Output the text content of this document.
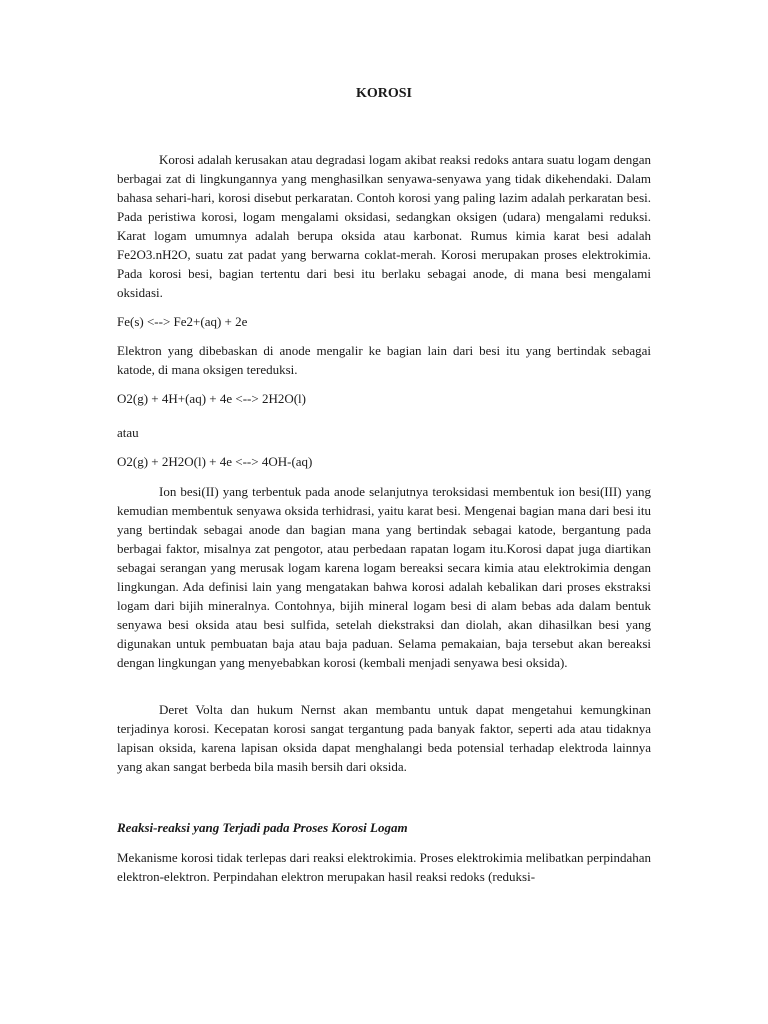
KOROSI

Korosi adalah kerusakan atau degradasi logam akibat reaksi redoks antara suatu logam dengan berbagai zat di lingkungannya yang menghasilkan senyawa-senyawa yang tidak dikehendaki. Dalam bahasa sehari-hari, korosi disebut perkaratan. Contoh korosi yang paling lazim adalah perkaratan besi. Pada peristiwa korosi, logam mengalami oksidasi, sedangkan oksigen (udara) mengalami reduksi. Karat logam umumnya adalah berupa oksida atau karbonat. Rumus kimia karat besi adalah Fe2O3.nH2O, suatu zat padat yang berwarna coklat-merah. Korosi merupakan proses elektrokimia. Pada korosi besi, bagian tertentu dari besi itu berlaku sebagai anode, di mana besi mengalami oksidasi.

Fe(s) <--> Fe2+(aq) + 2e

Elektron yang dibebaskan di anode mengalir ke bagian lain dari besi itu yang bertindak sebagai katode, di mana oksigen tereduksi.

O2(g) + 4H+(aq) + 4e <--> 2H2O(l)

atau

O2(g) + 2H2O(l) + 4e <--> 4OH-(aq)

Ion besi(II) yang terbentuk pada anode selanjutnya teroksidasi membentuk ion besi(III) yang kemudian membentuk senyawa oksida terhidrasi, yaitu karat besi. Mengenai bagian mana dari besi itu yang bertindak sebagai anode dan bagian mana yang bertindak sebagai katode, bergantung pada berbagai faktor, misalnya zat pengotor, atau perbedaan rapatan logam itu.Korosi dapat juga diartikan sebagai serangan yang merusak logam karena logam bereaksi secara kimia atau elektrokimia dengan lingkungan. Ada definisi lain yang mengatakan bahwa korosi adalah kebalikan dari proses ekstraksi logam dari bijih mineralnya. Contohnya, bijih mineral logam besi di alam bebas ada dalam bentuk senyawa besi oksida atau besi sulfida, setelah diekstraksi dan diolah, akan dihasilkan besi yang digunakan untuk pembuatan baja atau baja paduan. Selama pemakaian, baja tersebut akan bereaksi dengan lingkungan yang menyebabkan korosi (kembali menjadi senyawa besi oksida).

Deret Volta dan hukum Nernst akan membantu untuk dapat mengetahui kemungkinan terjadinya korosi. Kecepatan korosi sangat tergantung pada banyak faktor, seperti ada atau tidaknya lapisan oksida, karena lapisan oksida dapat menghalangi beda potensial terhadap elektroda lainnya yang akan sangat berbeda bila masih bersih dari oksida.

Reaksi-reaksi yang Terjadi pada Proses Korosi Logam

Mekanisme korosi tidak terlepas dari reaksi elektrokimia. Proses elektrokimia melibatkan perpindahan elektron-elektron. Perpindahan elektron merupakan hasil reaksi redoks (reduksi-
